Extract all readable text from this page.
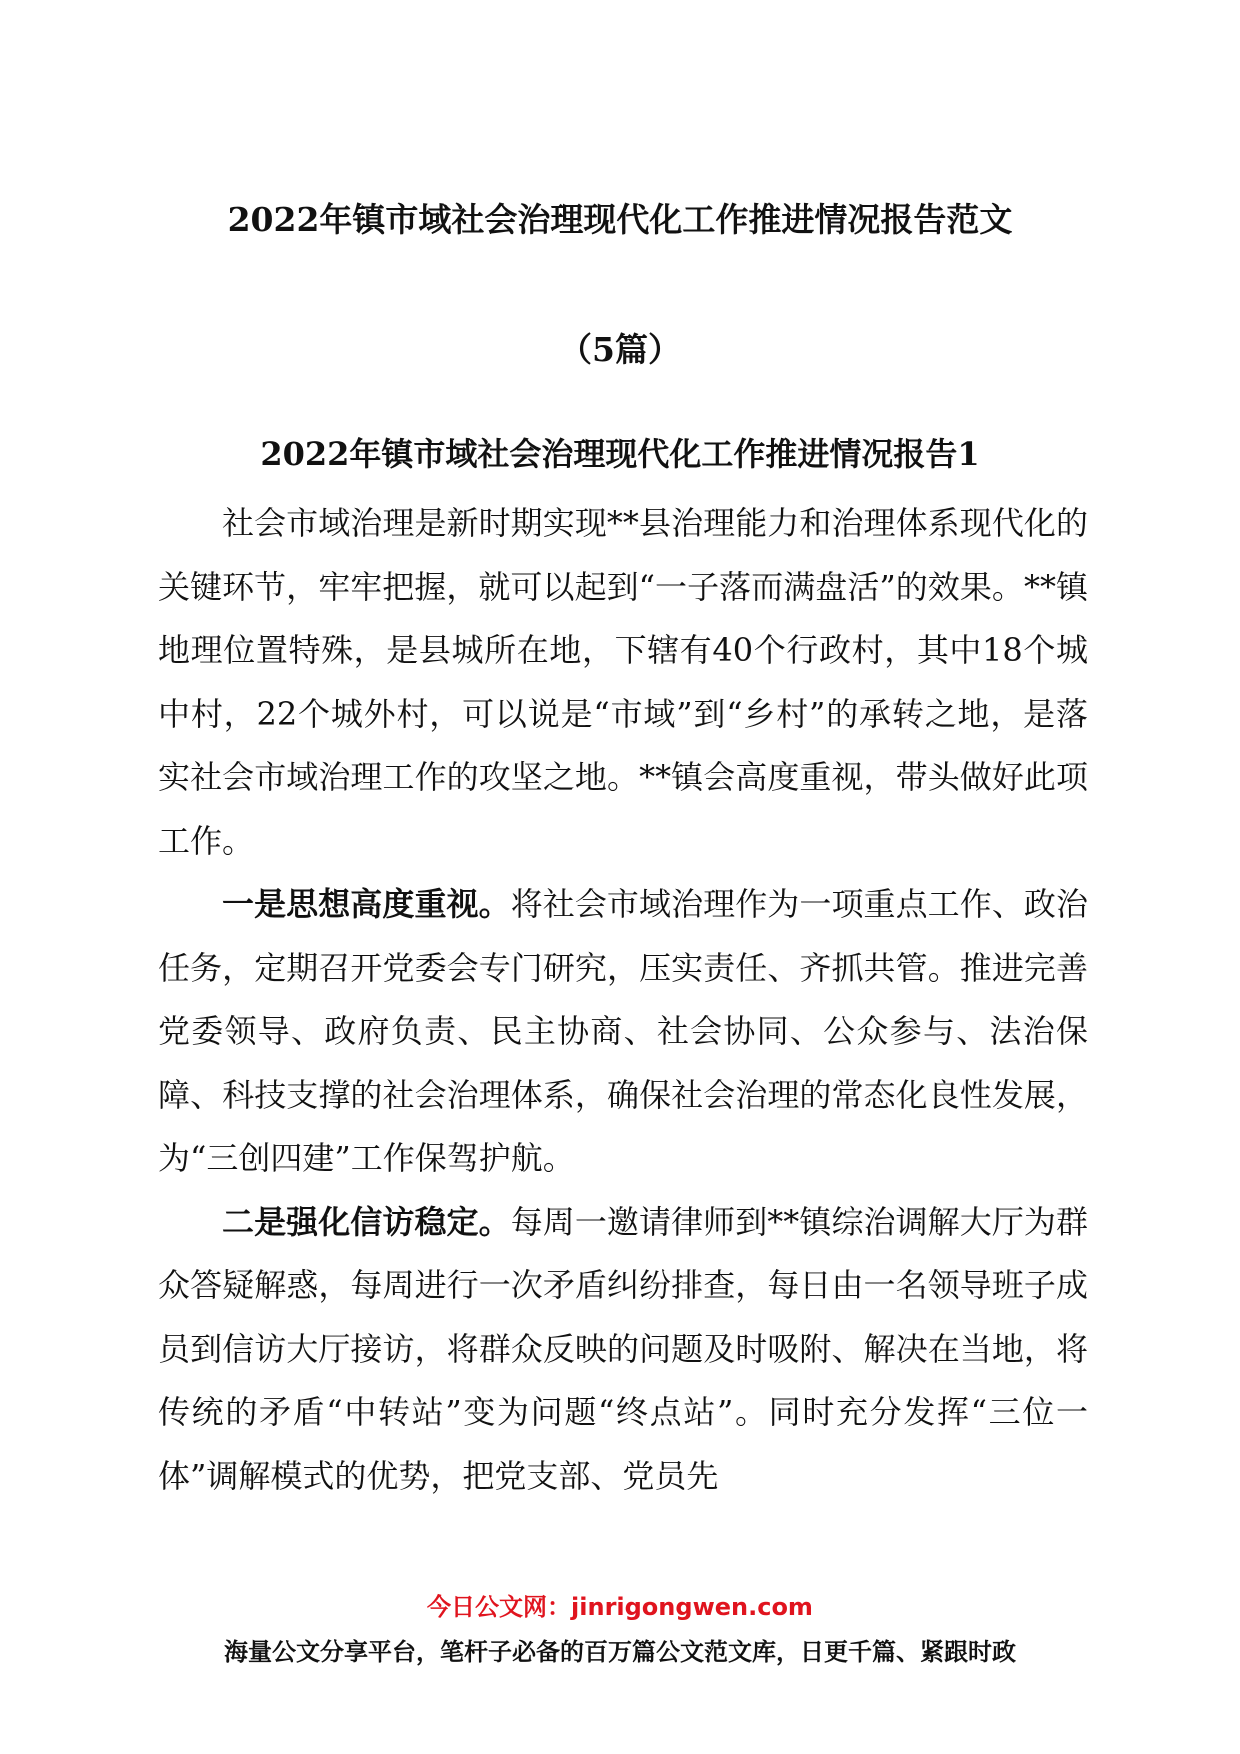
2022年镇市域社会治理现代化工作推进情况报告范文
（5篇）
2022年镇市域社会治理现代化工作推进情况报告1

社会市域治理是新时期实现**县治理能力和治理体系现代化的关键环节，牢牢把握，就可以起到“一子落而满盘活”的效果。**镇地理位置特殊，是县城所在地，下辖有40个行政村，其中18个城中村，22个城外村，可以说是“市域”到“乡村”的承转之地，是落实社会市域治理工作的攻坚之地。**镇会高度重视，带头做好此项工作。

一是思想高度重视。将社会市域治理作为一项重点工作、政治任务，定期召开党委会专门研究，压实责任、齐抓共管。推进完善党委领导、政府负责、民主协商、社会协同、公众参与、法治保障、科技支撑的社会治理体系，确保社会治理的常态化良性发展，为“三创四建”工作保驾护航。

二是强化信访稳定。每周一邀请律师到**镇综治调解大厅为群众答疑解惑，每周进行一次矛盾纠纷排查，每日由一名领导班子成员到信访大厅接访，将群众反映的问题及时吸附、解决在当地，将传统的矛盾“中转站”变为问题“终点站”。同时充分发挥“三位一体”调解模式的优势，把党支部、党员先

今日公文网：jinrigongwen.com
海量公文分享平台，笔杆子必备的百万篇公文范文库，日更千篇、紧跟时政
